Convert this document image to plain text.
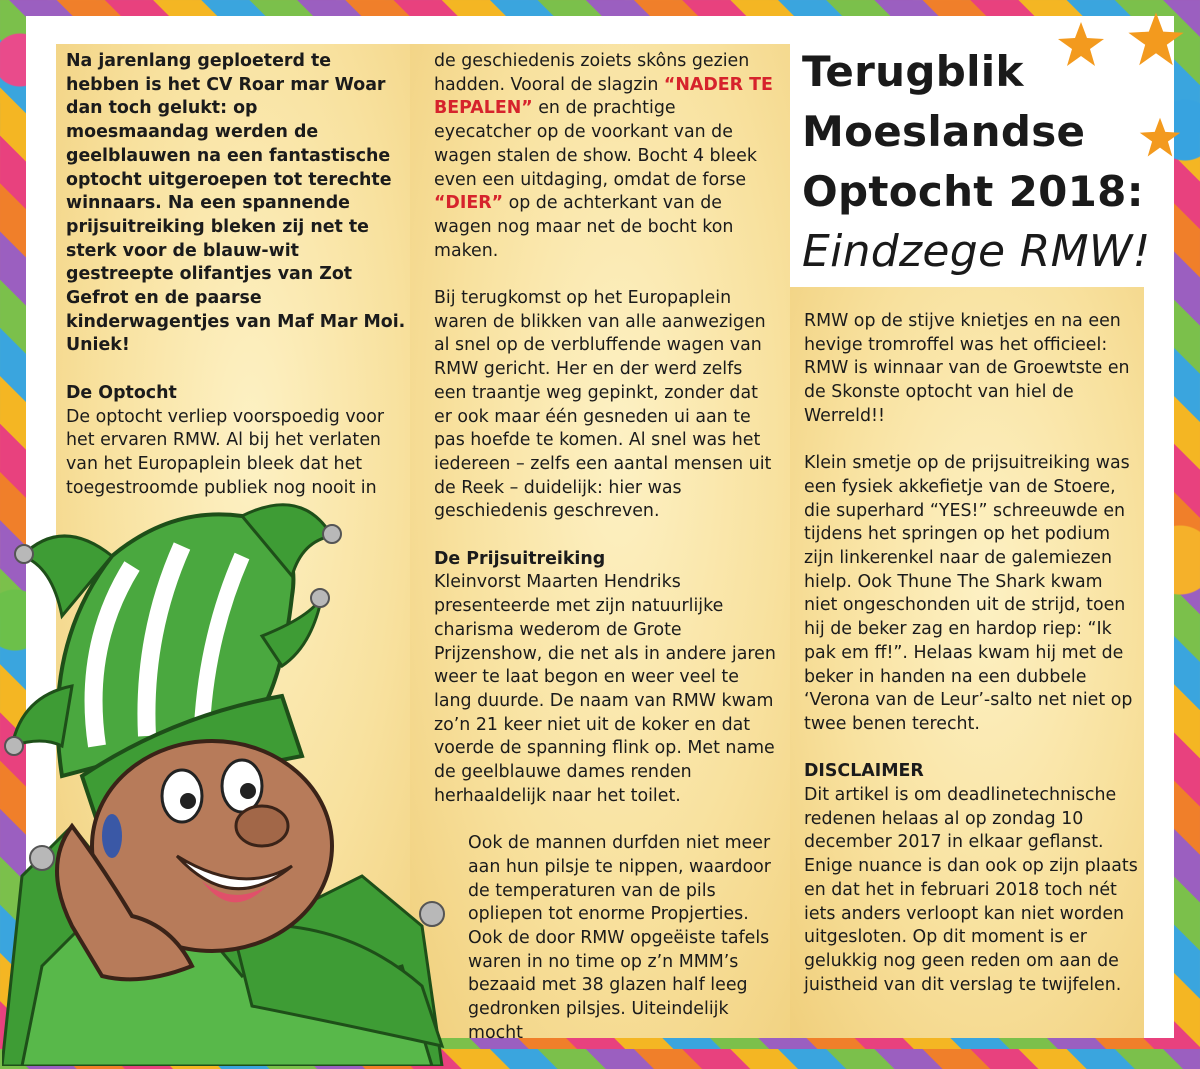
Terugblik
Moeslandse
Optocht 2018:
Eindzege RMW!

Na jarenlang geploeterd te hebben is het CV Roar mar Woar dan toch gelukt: op moesmaandag werden de geelblauwen na een fantastische optocht uitgeroepen tot terechte winnaars. Na een spannende prijsuitreiking bleken zij net te sterk voor de blauw-wit gestreepte olifantjes van Zot Gefrot en de paarse kinderwagentjes van Maf Mar Moi. Uniek!

De Optocht

De optocht verliep voorspoedig voor het ervaren RMW. Al bij het verlaten van het Europaplein bleek dat het toegestroomde publiek nog nooit in

de geschiedenis zoiets skôns gezien hadden. Vooral de slagzin “NADER TE BEPALEN” en de prachtige eyecatcher op de voorkant van de wagen stalen de show. Bocht 4 bleek even een uitdaging, omdat de forse “DIER” op de achterkant van de wagen nog maar net de bocht kon maken.

Bij terugkomst op het Europaplein waren de blikken van alle aanwezigen al snel op de verbluffende wagen van RMW gericht. Her en der werd zelfs een traantje weg gepinkt, zonder dat er ook maar één gesneden ui aan te pas hoefde te komen. Al snel was het iedereen – zelfs een aantal mensen uit de Reek – duidelijk: hier was geschiedenis geschreven.

De Prijsuitreiking

Kleinvorst Maarten Hendriks presenteerde met zijn natuurlijke charisma wederom de Grote Prijzenshow, die net als in andere jaren weer te laat begon en weer veel te lang duurde. De naam van RMW kwam zo’n 21 keer niet uit de koker en dat voerde de spanning flink op. Met name de geelblauwe dames renden herhaaldelijk naar het toilet.

Ook de mannen durfden niet meer aan hun pilsje te nippen, waardoor de temperaturen van de pils opliepen tot enorme Propjerties. Ook de door RMW opgeëiste tafels waren in no time op z’n MMM’s bezaaid met 38 glazen half leeg gedronken pilsjes. Uiteindelijk mocht

RMW op de stijve knietjes en na een hevige tromroffel was het officieel: RMW is winnaar van de Groewtste en de Skonste optocht van hiel de Werreld!!

Klein smetje op de prijsuitreiking was een fysiek akkefietje van de Stoere, die superhard “YES!” schreeuwde en tijdens het springen op het podium zijn linkerenkel naar de galemiezen hielp. Ook Thune The Shark kwam niet ongeschonden uit de strijd, toen hij de beker zag en hardop riep: “Ik pak em ff!”. Helaas kwam hij met de beker in handen na een dubbele ‘Verona van de Leur’-salto net niet op twee benen terecht.

DISCLAIMER

Dit artikel is om deadlinetechnische redenen helaas al op zondag 10 december 2017 in elkaar geflanst. Enige nuance is dan ook op zijn plaats en dat het in februari 2018 toch nét iets anders verloopt kan niet worden uitgesloten. Op dit moment is er gelukkig nog geen reden om aan de juistheid van dit verslag te twijfelen.
